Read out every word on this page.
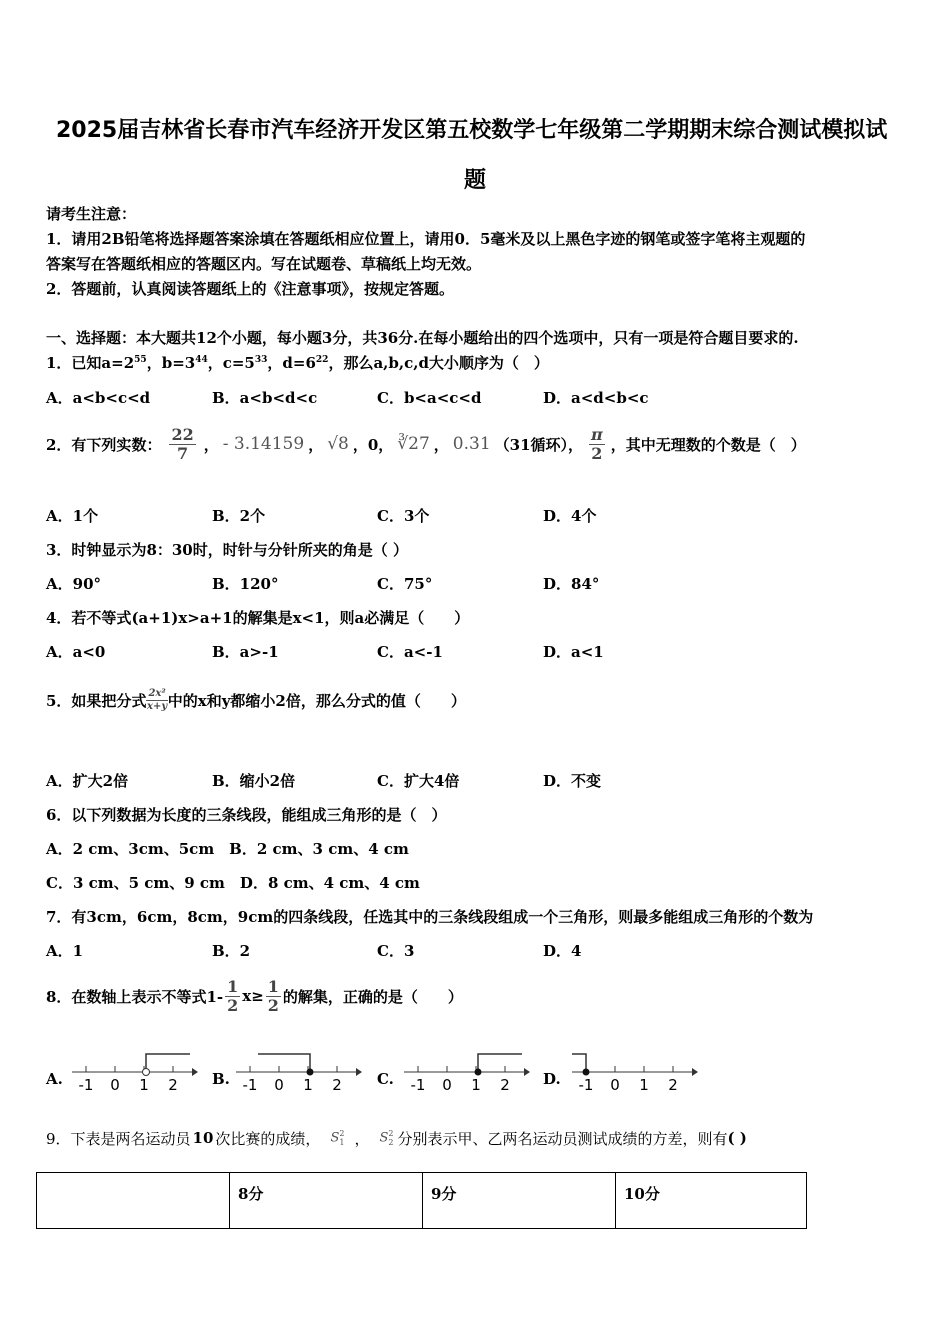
2025届吉林省长春市汽车经济开发区第五校数学七年级第二学期期末综合测试模拟试
题
请考生注意：
1．请用2B铅笔将选择题答案涂填在答题纸相应位置上，请用0．5毫米及以上黑色字迹的钢笔或签字笔将主观题的
答案写在答题纸相应的答题区内。写在试题卷、草稿纸上均无效。
2．答题前，认真阅读答题纸上的《注意事项》，按规定答题。
一、选择题：本大题共12个小题，每小题3分，共36分.在每小题给出的四个选项中，只有一项是符合题目要求的.
1．已知$a=2^{55}$，$b=3^{44}$，$c=5^{33}$，$d=6^{22}$，那么a,b,c,d大小顺序为（　）
A．a<b<c<d	B．a<b<d<c	C．b<a<c<d	D．a<d<b<c
2．有下列实数： $\frac{22}{7}$ ， - 3.14159 ， √8 ，0， ∛27 ， 0.31 （31循环）， $\frac{\pi}{2}$ ，其中无理数的个数是（　）
A．1个	B．2个	C．3个	D．4个
3．时钟显示为8：30时，时针与分针所夹的角是（ ）
A．90°	B．120°	C．75°	D．84°
4．若不等式(a+1)x>a+1的解集是x<1，则a必满足（　　）
A．a<0	B．a>-1	C．a<-1	D．a<1
5．如果把分式 $\frac{\text{2x²}}{x+y}$ 中的x和y都缩小2倍，那么分式的值（　　）
A．扩大2倍	B．缩小2倍	C．扩大4倍	D．不变
6．以下列数据为长度的三条线段，能组成三角形的是（　）
A．2 cm、3cm、5cm　B．2 cm、3 cm、4 cm
C．3 cm、5 cm、9 cm　D．8 cm、4 cm、4 cm
7．有3cm，6cm，8cm，9cm的四条线段，任选其中的三条线段组成一个三角形，则最多能组成三角形的个数为
A．1	B．2	C．3	D．4
8．在数轴上表示不等式$1- \frac{1}{2} x\ge \frac{1}{2}$ 的解集，正确的是（　　）
A. -1 0 1 2 B. -1 0 1 2 C. -1 0 1 2 D. -1 0 1 2
9．下表是两名运动员 10 次比赛的成绩， S 2
1 ， S 2
2 分别表示甲、乙两名运动员测试成绩的方差，则有 ( )
	8分	9分	10分
